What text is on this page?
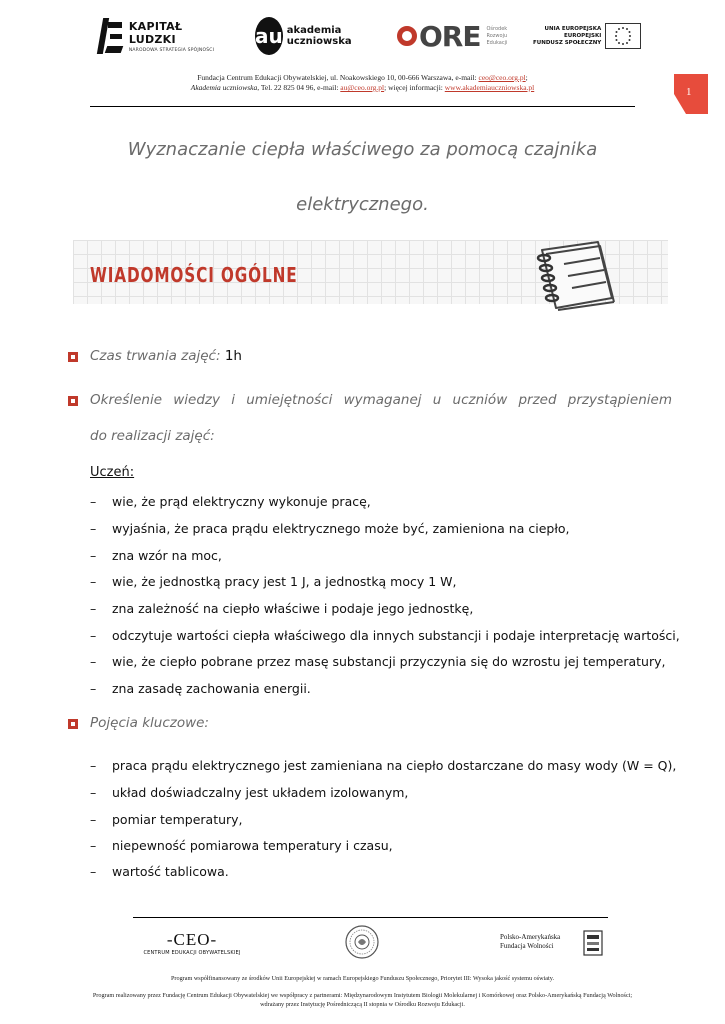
KAPITAŁ LUDZKI
NARODOWA STRATEGIA SPÓJNOŚCI
au akademia
uczniowska ORE Ośrodek
Rozwoju
Edukacji
UNIA EUROPEJSKA
EUROPEJSKI
FUNDUSZ SPOŁECZNY
Fundacja Centrum Edukacji Obywatelskiej, ul. Noakowskiego 10, 00-666 Warszawa, e-mail: ceo@ceo.org.pl;
Akademia uczniowska, Tel. 22 825 04 96, e-mail: au@ceo.org.pl; więcej informacji: www.akademiauczniowska.pl	1
Wyznaczanie ciepła właściwego za pomocą czajnika
elektrycznego.
WIADOMOŚCI OGÓLNE
Czas trwania zajęć: 1h
Określenie wiedzy i umiejętności wymaganej u uczniów przed przystąpieniem
do realizacji zajęć:
Uczeń:
– wie, że prąd elektryczny wykonuje pracę,
– wyjaśnia, że praca prądu elektrycznego może być, zamieniona na ciepło,
– zna wzór na moc,
– wie, że jednostką pracy jest 1 J, a jednostką mocy 1 W,
– zna zależność na ciepło właściwe i podaje jego jednostkę,
– odczytuje wartości ciepła właściwego dla innych substancji i podaje interpretację wartości,
– wie, że ciepło pobrane przez masę substancji przyczynia się do wzrostu jej temperatury,
– zna zasadę zachowania energii.
Pojęcia kluczowe:
– praca prądu elektrycznego jest zamieniana na ciepło dostarczane do masy wody (W = Q),
– układ doświadczalny jest układem izolowanym,
– pomiar temperatury,
– niepewność pomiarowa temperatury i czasu,
– wartość tablicowa.
-CEO-
CENTRUM EDUKACJI OBYWATELSKIEJ
Polsko-Amerykańska
Fundacja Wolności
Program współfinansowany ze środków Unii Europejskiej w ramach Europejskiego Funduszu Społecznego, Priorytet III: Wysoka jakość systemu oświaty.
Program realizowany przez Fundację Centrum Edukacji Obywatelskiej we współpracy z partnerami: Międzynarodowym Instytutem Biologii Molekularnej i Komórkowej oraz Polsko-Amerykańską Fundacją Wolności;
wdrażany przez Instytucję Pośredniczącą II stopnia w Ośrodku Rozwoju Edukacji.
